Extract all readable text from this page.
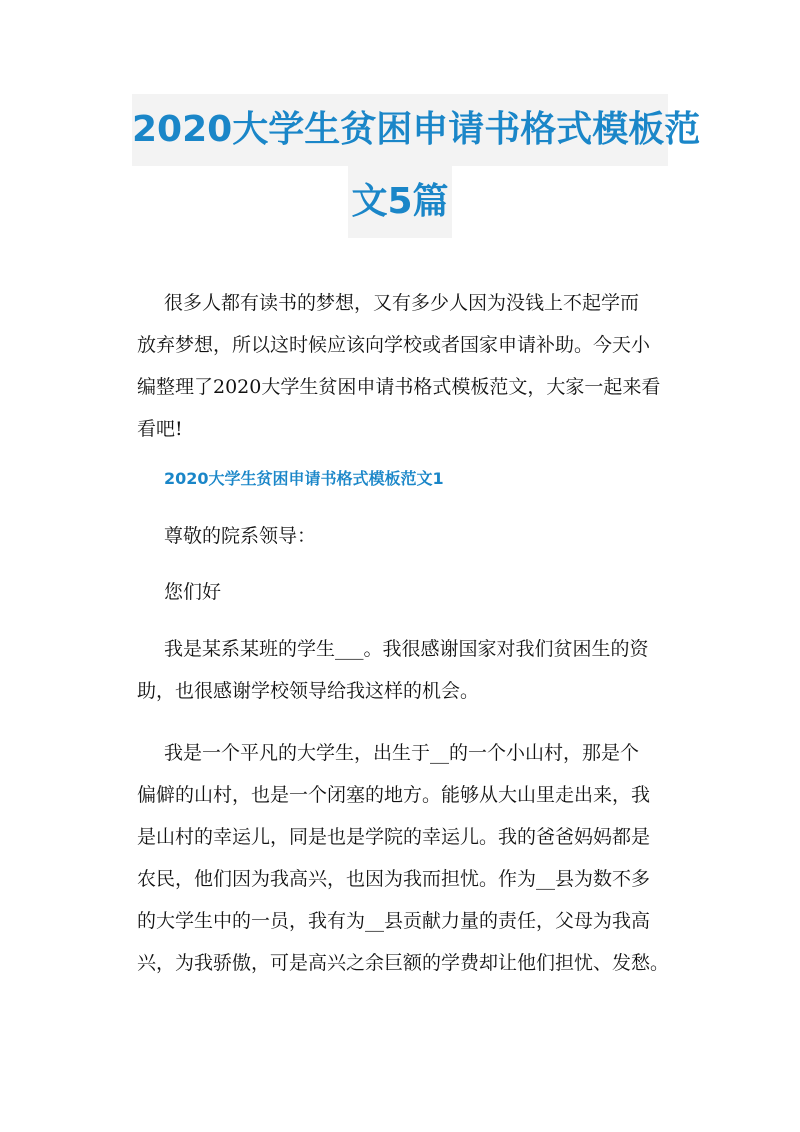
2020大学生贫困申请书格式模板范
文5篇
很多人都有读书的梦想，又有多少人因为没钱上不起学而
放弃梦想，所以这时候应该向学校或者国家申请补助。今天小
编整理了2020大学生贫困申请书格式模板范文，大家一起来看
看吧!
2020大学生贫困申请书格式模板范文1
尊敬的院系领导：
您们好
我是某系某班的学生___。我很感谢国家对我们贫困生的资
助，也很感谢学校领导给我这样的机会。
我是一个平凡的大学生，出生于__的一个小山村，那是个
偏僻的山村，也是一个闭塞的地方。能够从大山里走出来，我
是山村的幸运儿，同是也是学院的幸运儿。我的爸爸妈妈都是
农民，他们因为我高兴，也因为我而担忧。作为__县为数不多
的大学生中的一员，我有为__县贡献力量的责任，父母为我高
兴，为我骄傲，可是高兴之余巨额的学费却让他们担忧、发愁。
